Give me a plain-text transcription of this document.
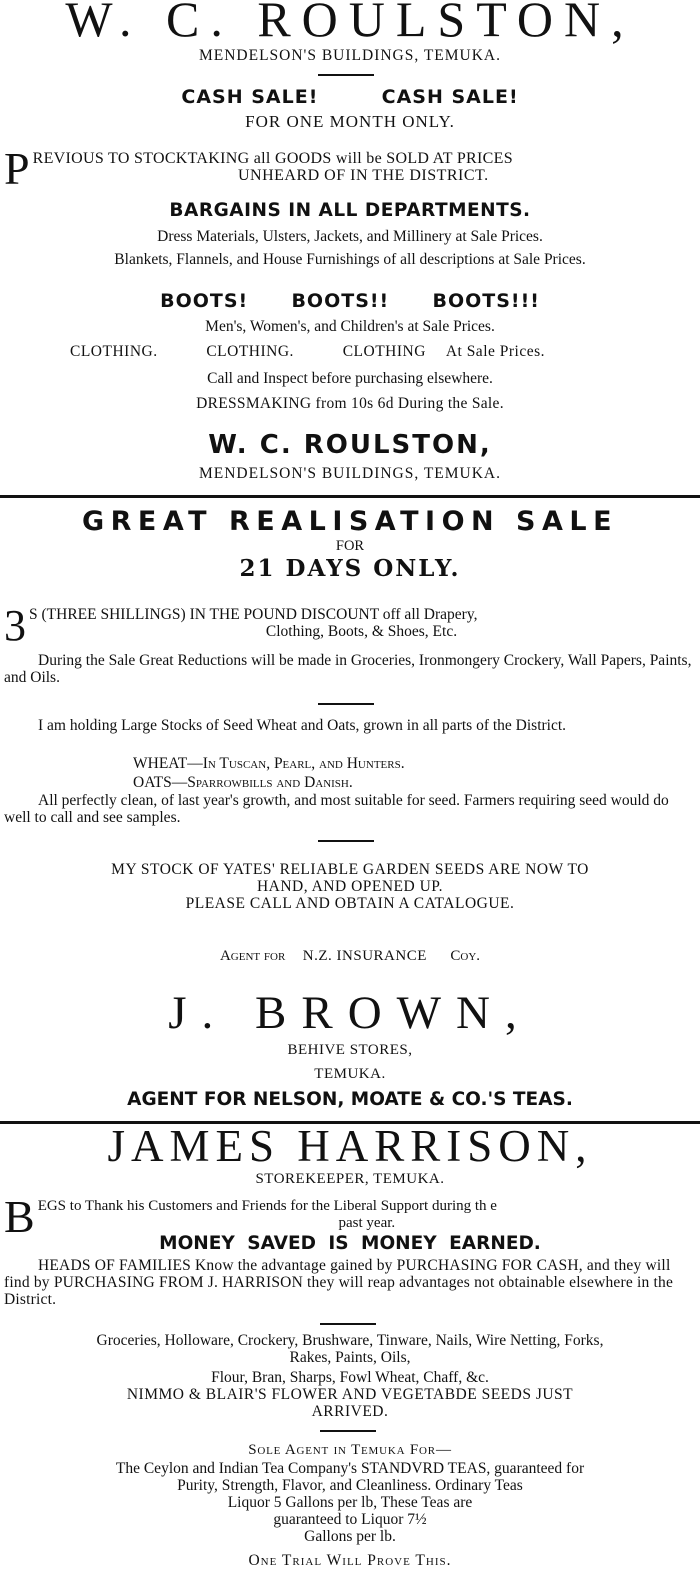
W. C. ROULSTON,
MENDELSON'S BUILDINGS, TEMUKA.
CASH SALE!	CASH SALE!
FOR ONE MONTH ONLY.
P REVIOUS TO STOCKTAKING all GOODS will be SOLD AT PRICES
UNHEARD OF IN THE DISTRICT.
BARGAINS IN ALL DEPARTMENTS.
Dress Materials, Ulsters, Jackets, and Millinery at Sale Prices.
Blankets, Flannels, and House Furnishings of all descriptions at Sale Prices.
BOOTS! BOOTS!! BOOTS!!!
Men's, Women's, and Children's at Sale Prices.
CLOTHING.	CLOTHING.	CLOTHING At Sale Prices.
Call and Inspect before purchasing elsewhere.
DRESSMAKING from 10s 6d During the Sale.
W. C. ROULSTON,
MENDELSON'S BUILDINGS, TEMUKA.
GREAT REALISATION SALE
FOR
21 DAYS ONLY.
3 S (THREE SHILLINGS) IN THE POUND DISCOUNT off all Drapery,
Clothing, Boots, & Shoes, Etc.
During the Sale Great Reductions will be made in Groceries, Ironmongery Crockery, Wall Papers, Paints, and Oils.
I am holding Large Stocks of Seed Wheat and Oats, grown in all parts of the District.
WHEAT—In Tuscan, Pearl, and Hunters.
OATS—Sparrowbills and Danish.
All perfectly clean, of last year's growth, and most suitable for seed. Farmers requiring seed would do well to call and see samples.
MY STOCK OF YATES' RELIABLE GARDEN SEEDS ARE NOW TO
HAND, AND OPENED UP.
PLEASE CALL AND OBTAIN A CATALOGUE.
Agent for N.Z. INSURANCE Coy.
J. BROWN,
BEHIVE STORES,
TEMUKA.
AGENT FOR NELSON, MOATE & CO.'S TEAS.
JAMES HARRISON,
STOREKEEPER, TEMUKA.
B EGS to Thank his Customers and Friends for the Liberal Support during th e
past year.
MONEY SAVED IS MONEY EARNED.
HEADS OF FAMILIES Know the advantage gained by PURCHASING FOR CASH, and they will find by PURCHASING FROM J. HARRISON they will reap advantages not obtainable elsewhere in the District.
Groceries, Holloware, Crockery, Brushware, Tinware, Nails, Wire Netting, Forks,
Rakes, Paints, Oils,
Flour, Bran, Sharps, Fowl Wheat, Chaff, &c.
NIMMO & BLAIR'S FLOWER AND VEGETABDE SEEDS JUST
ARRIVED.
Sole Agent in Temuka For—
The Ceylon and Indian Tea Company's STANDVRD TEAS, guaranteed for
Purity, Strength, Flavor, and Cleanliness. Ordinary Teas
Liquor 5 Gallons per lb, These Teas are
guaranteed to Liquor 7½
Gallons per lb.
One Trial Will Prove This.
